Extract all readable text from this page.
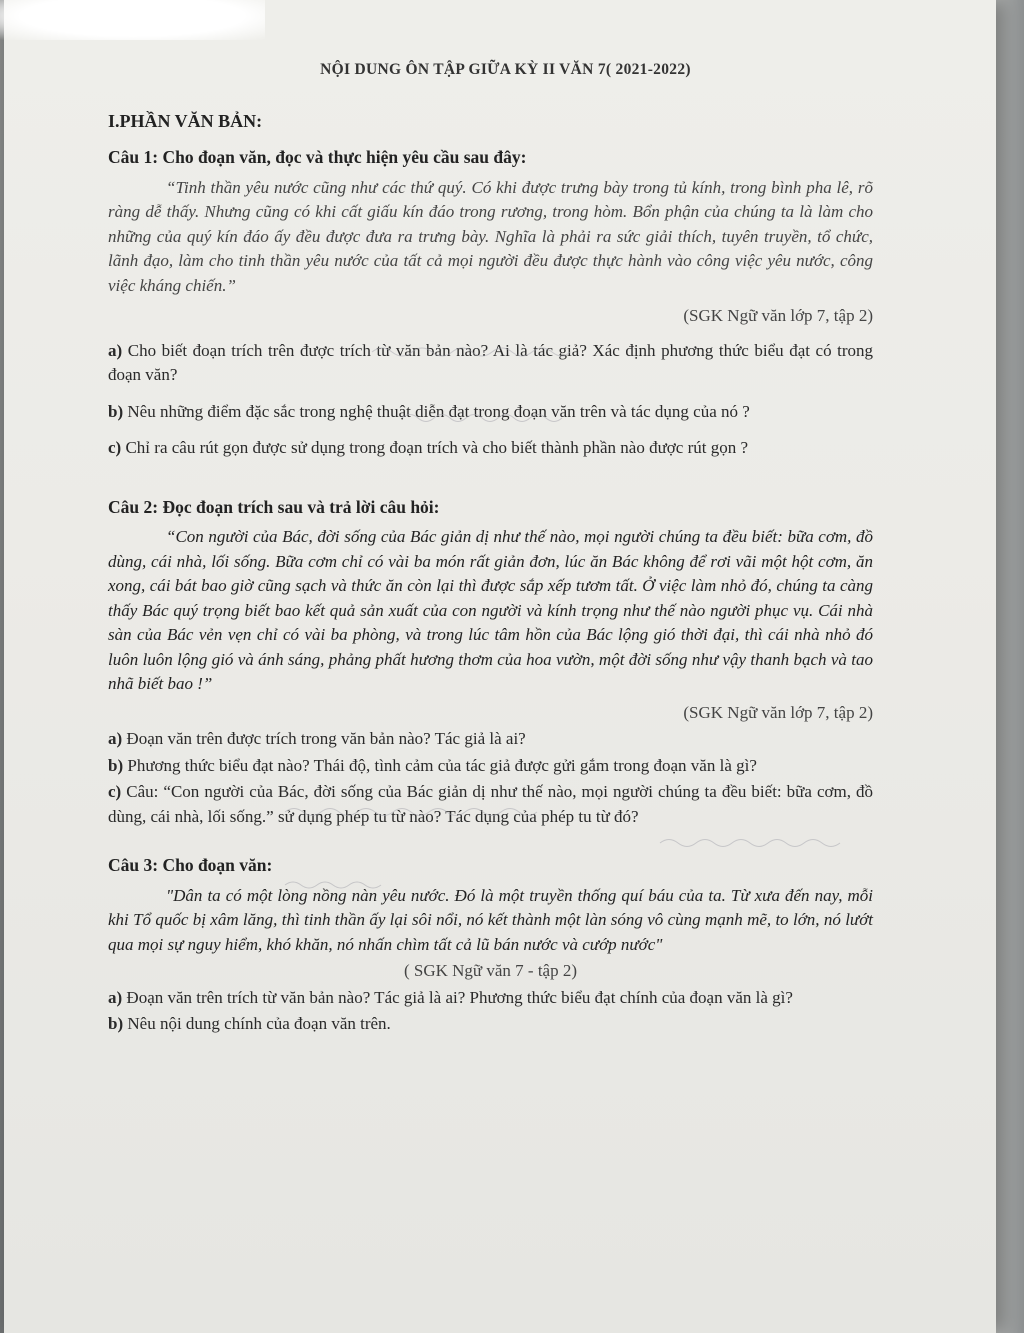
NỘI DUNG ÔN TẬP GIỮA KỲ II VĂN 7( 2021-2022)
I.PHẦN VĂN BẢN:
Câu 1: Cho đoạn văn, đọc và thực hiện yêu cầu sau đây:

“Tinh thần yêu nước cũng như các thứ quý. Có khi được trưng bày trong tủ kính, trong bình pha lê, rõ ràng dễ thấy. Nhưng cũng có khi cất giấu kín đáo trong rương, trong hòm. Bổn phận của chúng ta là làm cho những của quý kín đáo ấy đều được đưa ra trưng bày. Nghĩa là phải ra sức giải thích, tuyên truyền, tổ chức, lãnh đạo, làm cho tinh thần yêu nước của tất cả mọi người đều được thực hành vào công việc yêu nước, công việc kháng chiến.”

(SGK Ngữ văn lớp 7, tập 2)
a) Cho biết đoạn trích trên được trích từ văn bản nào? Ai là tác giả? Xác định phương thức biểu đạt có trong đoạn văn?
b) Nêu những điểm đặc sắc trong nghệ thuật diễn đạt trong đoạn văn trên và tác dụng của nó ?
c) Chỉ ra câu rút gọn được sử dụng trong đoạn trích và cho biết thành phần nào được rút gọn ?
Câu 2: Đọc đoạn trích sau và trả lời câu hỏi:

“Con người của Bác, đời sống của Bác giản dị như thế nào, mọi người chúng ta đều biết: bữa cơm, đồ dùng, cái nhà, lối sống. Bữa cơm chỉ có vài ba món rất giản đơn, lúc ăn Bác không để rơi vãi một hột cơm, ăn xong, cái bát bao giờ cũng sạch và thức ăn còn lại thì được sắp xếp tươm tất. Ở việc làm nhỏ đó, chúng ta càng thấy Bác quý trọng biết bao kết quả sản xuất của con người và kính trọng như thế nào người phục vụ. Cái nhà sàn của Bác vẻn vẹn chỉ có vài ba phòng, và trong lúc tâm hồn của Bác lộng gió thời đại, thì cái nhà nhỏ đó luôn luôn lộng gió và ánh sáng, phảng phất hương thơm của hoa vườn, một đời sống như vậy thanh bạch và tao nhã biết bao !”

(SGK Ngữ văn lớp 7, tập 2)
a) Đoạn văn trên được trích trong văn bản nào? Tác giả là ai?
b) Phương thức biểu đạt nào? Thái độ, tình cảm của tác giả được gửi gắm trong đoạn văn là gì?
c) Câu: “Con người của Bác, đời sống của Bác giản dị như thế nào, mọi người chúng ta đều biết: bữa cơm, đồ dùng, cái nhà, lối sống.” sử dụng phép tu từ nào? Tác dụng của phép tu từ đó?
Câu 3: Cho đoạn văn:

"Dân ta có một lòng nồng nàn yêu nước. Đó là một truyền thống quí báu của ta. Từ xưa đến nay, mỗi khi Tổ quốc bị xâm lăng, thì tinh thần ấy lại sôi nổi, nó kết thành một làn sóng vô cùng mạnh mẽ, to lớn, nó lướt qua mọi sự nguy hiểm, khó khăn, nó nhấn chìm tất cả lũ bán nước và cướp nước"

( SGK Ngữ văn 7 - tập 2)
a) Đoạn văn trên trích từ văn bản nào? Tác giả là ai? Phương thức biểu đạt chính của đoạn văn là gì?
b) Nêu nội dung chính của đoạn văn trên.
